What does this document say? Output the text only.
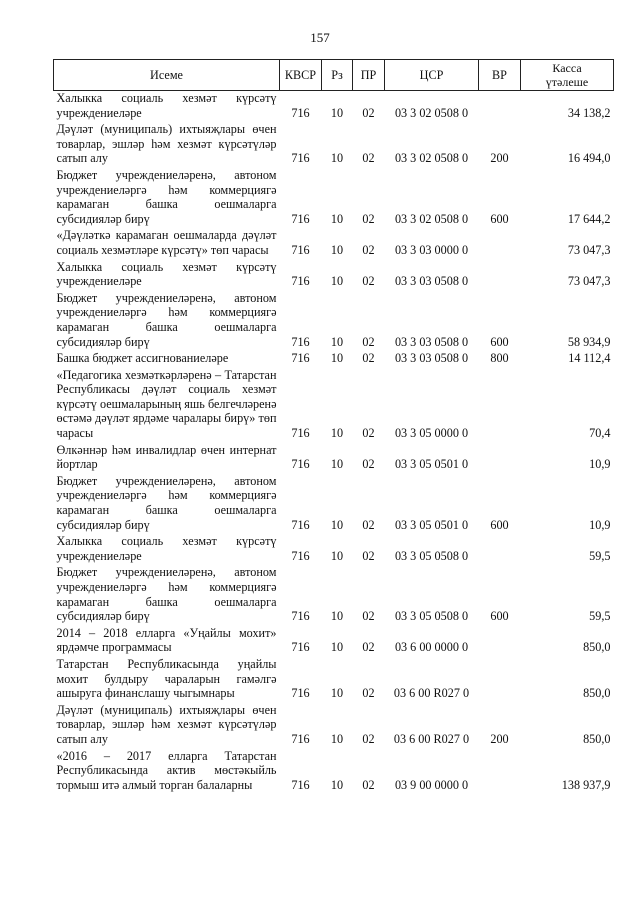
157
Исеме	КВСР	Рз	ПР	ЦСР	ВР	Касса
үтәлеше
Халыкка социаль хезмәт күрсәтү учреждениеләре	716	10	02	03 3 02 0508 0		34 138,2
Дәүләт (муниципаль) ихтыяҗлары өчен товарлар, эшләр һәм хезмәт күрсәтүләр сатып алу	716	10	02	03 3 02 0508 0	200	16 494,0
Бюджет учреждениеләренә, автоном учреждениеләргә һәм коммерциягә карамаган башка оешмаларга субсидияләр бирү	716	10	02	03 3 02 0508 0	600	17 644,2
«Дәүләткә карамаган оешмаларда дәүләт социаль хезмәтләре күрсәтү» төп чарасы	716	10	02	03 3 03 0000 0		73 047,3
Халыкка социаль хезмәт күрсәтү учреждениеләре	716	10	02	03 3 03 0508 0		73 047,3
Бюджет учреждениеләренә, автоном учреждениеләргә һәм коммерциягә карамаган башка оешмаларга субсидияләр бирү	716	10	02	03 3 03 0508 0	600	58 934,9
Башка бюджет ассигнованиеләре	716	10	02	03 3 03 0508 0	800	14 112,4
«Педагогика хезмәткәрләренә – Татарстан Республикасы дәүләт социаль хезмәт күрсәтү оешмаларының яшь белгечләренә өстәмә дәүләт ярдәме чаралары бирү» төп чарасы	716	10	02	03 3 05 0000 0		70,4
Өлкәннәр һәм инвалидлар өчен интернат йортлар	716	10	02	03 3 05 0501 0		10,9
Бюджет учреждениеләренә, автоном учреждениеләргә һәм коммерциягә карамаган башка оешмаларга субсидияләр бирү	716	10	02	03 3 05 0501 0	600	10,9
Халыкка социаль хезмәт күрсәтү учреждениеләре	716	10	02	03 3 05 0508 0		59,5
Бюджет учреждениеләренә, автоном учреждениеләргә һәм коммерциягә карамаган башка оешмаларга субсидияләр бирү	716	10	02	03 3 05 0508 0	600	59,5
2014 – 2018 елларга «Уңайлы мохит» ярдәмче программасы	716	10	02	03 6 00 0000 0		850,0
Татарстан Республикасында уңайлы мохит булдыру чараларын гамәлгә ашыруга финанслашу чыгымнары	716	10	02	03 6 00 R027 0		850,0
Дәүләт (муниципаль) ихтыяҗлары өчен товарлар, эшләр һәм хезмәт күрсәтүләр сатып алу	716	10	02	03 6 00 R027 0	200	850,0
«2016 – 2017 елларга Татарстан Республикасында актив мөстәкыйль тормыш итә алмый торган балаларны	716	10	02	03 9 00 0000 0		138 937,9
